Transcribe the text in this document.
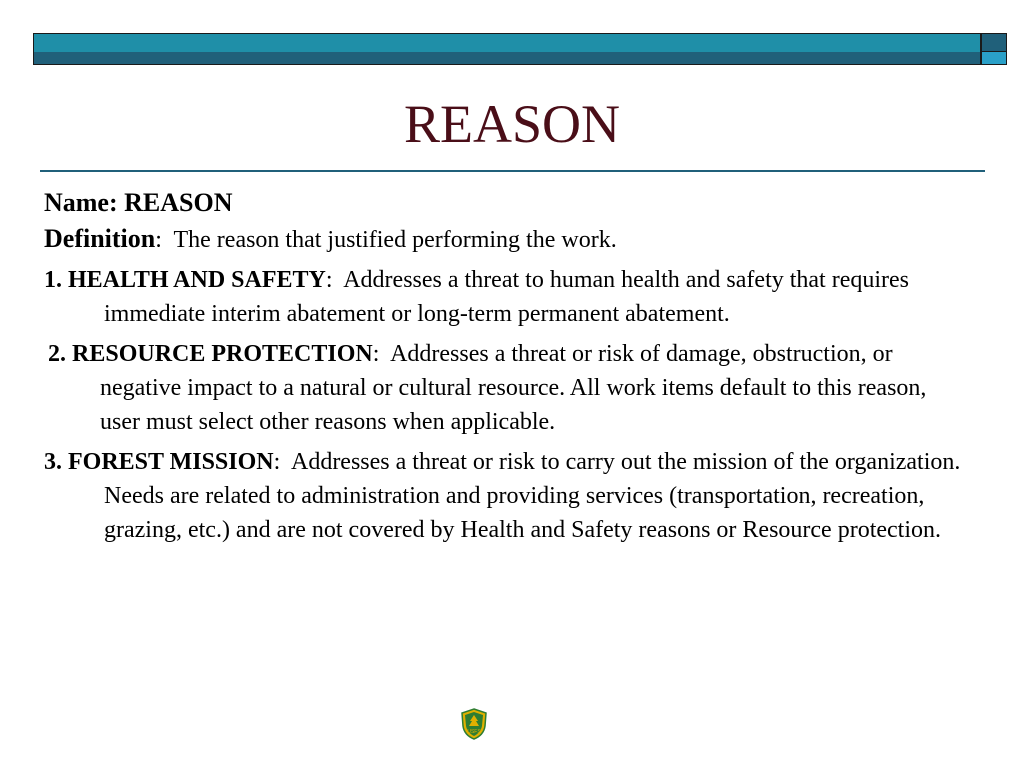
REASON
Name: REASON
Definition: The reason that justified performing the work.
1. HEALTH AND SAFETY: Addresses a threat to human health and safety that requires immediate interim abatement or long-term permanent abatement.
2. RESOURCE PROTECTION: Addresses a threat or risk of damage, obstruction, or negative impact to a natural or cultural resource. All work items default to this reason, user must select other reasons when applicable.
3. FOREST MISSION: Addresses a threat or risk to carry out the mission of the organization. Needs are related to administration and providing services (transportation, recreation, grazing, etc.) and are not covered by Health and Safety reasons or Resource protection.
USFS
